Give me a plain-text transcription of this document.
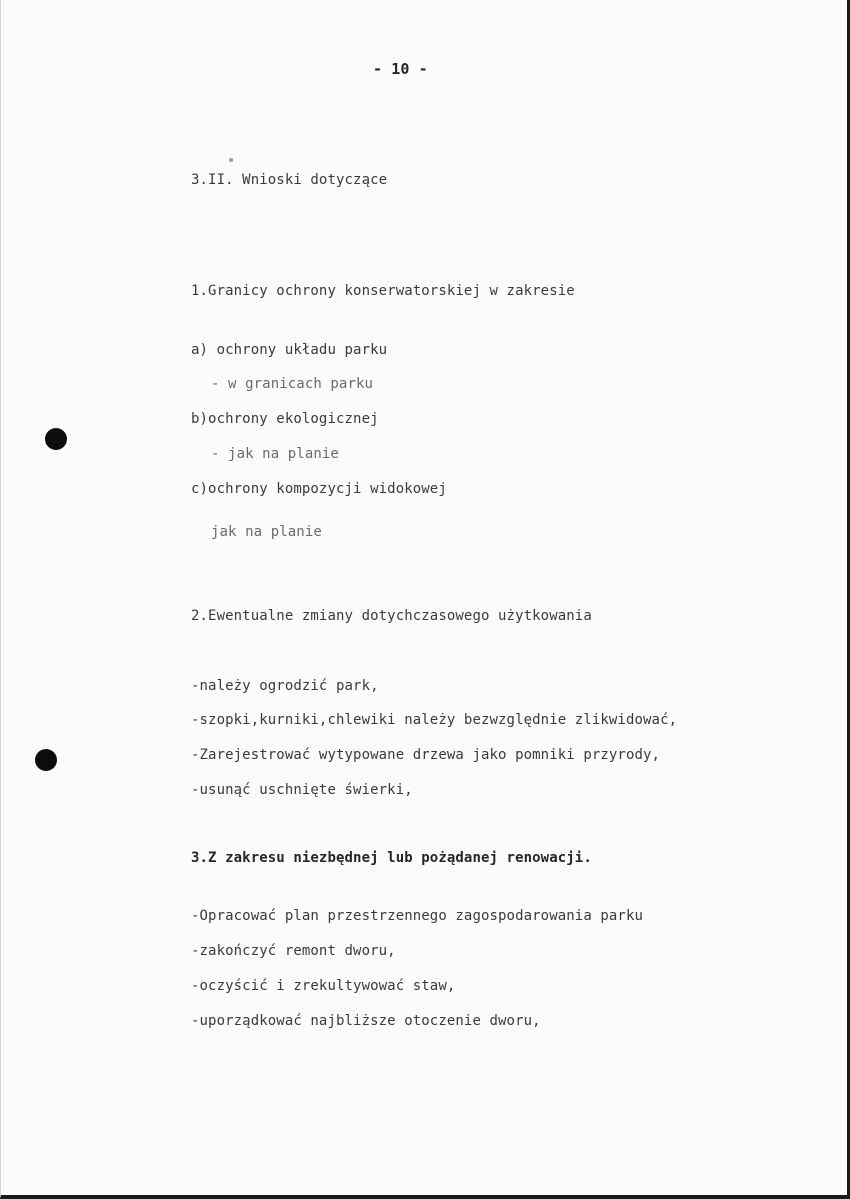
- 10 -

3.II. Wnioski dotyczące

1.Granicy ochrony konserwatorskiej w zakresie

a) ochrony układu parku

- w granicach parku

b)ochrony ekologicznej

- jak na planie

c)ochrony kompozycji widokowej

jak na planie

2.Ewentualne zmiany dotychczasowego użytkowania

-należy ogrodzić park,

-szopki,kurniki,chlewiki należy bezwzględnie zlikwidować,

-Zarejestrować wytypowane drzewa jako pomniki przyrody,

-usunąć uschnięte świerki,

3.Z zakresu niezbędnej lub pożądanej renowacji.

-Opracować plan przestrzennego zagospodarowania parku

-zakończyć remont dworu,

-oczyścić i zrekultywować staw,

-uporządkować najbliższe otoczenie dworu,
